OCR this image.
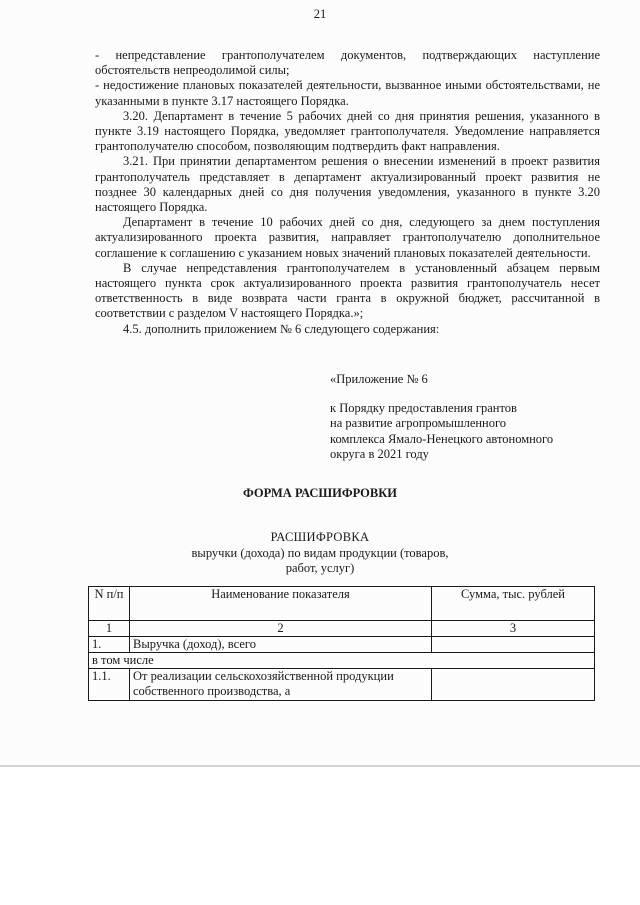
21

- непредставление грантополучателем документов, подтверждающих наступление обстоятельств непреодолимой силы;

- недостижение плановых показателей деятельности, вызванное иными обстоятельствами, не указанными в пункте 3.17 настоящего Порядка.

3.20. Департамент в течение 5 рабочих дней со дня принятия решения, указанного в пункте 3.19 настоящего Порядка, уведомляет грантополучателя. Уведомление направляется грантополучателю способом, позволяющим подтвердить факт направления.

3.21. При принятии департаментом решения о внесении изменений в проект развития грантополучатель представляет в департамент актуализированный проект развития не позднее 30 календарных дней со дня получения уведомления, указанного в пункте 3.20 настоящего Порядка.

Департамент в течение 10 рабочих дней со дня, следующего за днем поступления актуализированного проекта развития, направляет грантополучателю дополнительное соглашение к соглашению с указанием новых значений плановых показателей деятельности.

В случае непредставления грантополучателем в установленный абзацем первым настоящего пункта срок актуализированного проекта развития грантополучатель несет ответственность в виде возврата части гранта в окружной бюджет, рассчитанной в соответствии с разделом V настоящего Порядка.»;

4.5. дополнить приложением № 6 следующего содержания:

«Приложение № 6
к Порядку предоставления грантов
на развитие агропромышленного
комплекса Ямало-Ненецкого автономного
округа в 2021 году
ФОРМА РАСШИФРОВКИ
РАСШИФРОВКА
выручки (дохода) по видам продукции (товаров,
работ, услуг)
N п/п	Наименование показателя	Сумма, тыс. рублей
1	2	3
1.	Выручка (доход), всего	
в том числе		
1.1.	От реализации сельскохозяйственной продукции собственного производства, а	
